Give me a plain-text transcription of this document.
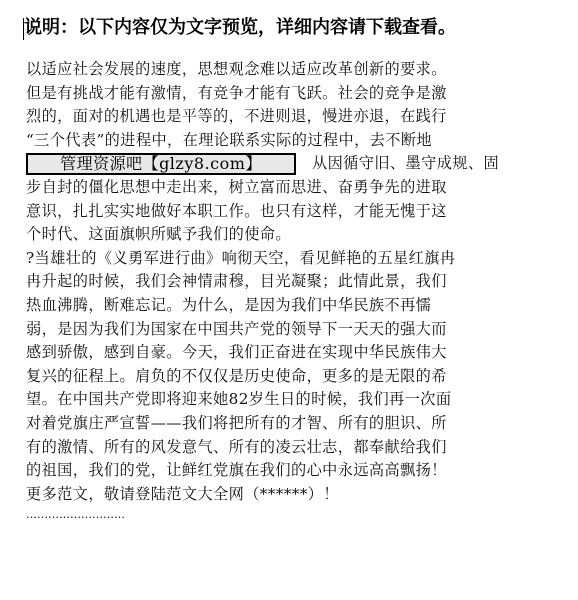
说明：以下内容仅为文字预览，详细内容请下载查看。
以适应社会发展的速度，思想观念难以适应改革创新的要求。
但是有挑战才能有激情，有竞争才能有飞跃。社会的竞争是激
烈的，面对的机遇也是平等的，不进则退，慢进亦退，在践行
“三个代表”的进程中，在理论联系实际的过程中，去不断地
管理资源吧【glzy8.com】	从因循守旧、墨守成规、固
步自封的僵化思想中走出来，树立富而思进、奋勇争先的进取
意识，扎扎实实地做好本职工作。也只有这样，才能无愧于这
个时代、这面旗帜所赋予我们的使命。
?当雄壮的《义勇军进行曲》响彻天空，看见鲜艳的五星红旗冉
冉升起的时候，我们会神情肃穆，目光凝聚；此情此景，我们
热血沸腾，断难忘记。为什么，是因为我们中华民族不再懦
弱，是因为我们为国家在中国共产党的领导下一天天的强大而
感到骄傲，感到自豪。今天，我们正奋进在实现中华民族伟大
复兴的征程上。肩负的不仅仅是历史使命，更多的是无限的希
望。在中国共产党即将迎来她82岁生日的时候，我们再一次面
对着党旗庄严宣誓——我们将把所有的才智、所有的胆识、所
有的激情、所有的风发意气、所有的凌云壮志，都奉献给我们
的祖国，我们的党，让鲜红党旗在我们的心中永远高高飘扬！
更多范文，敬请登陆范文大全网（******）！
………………………
